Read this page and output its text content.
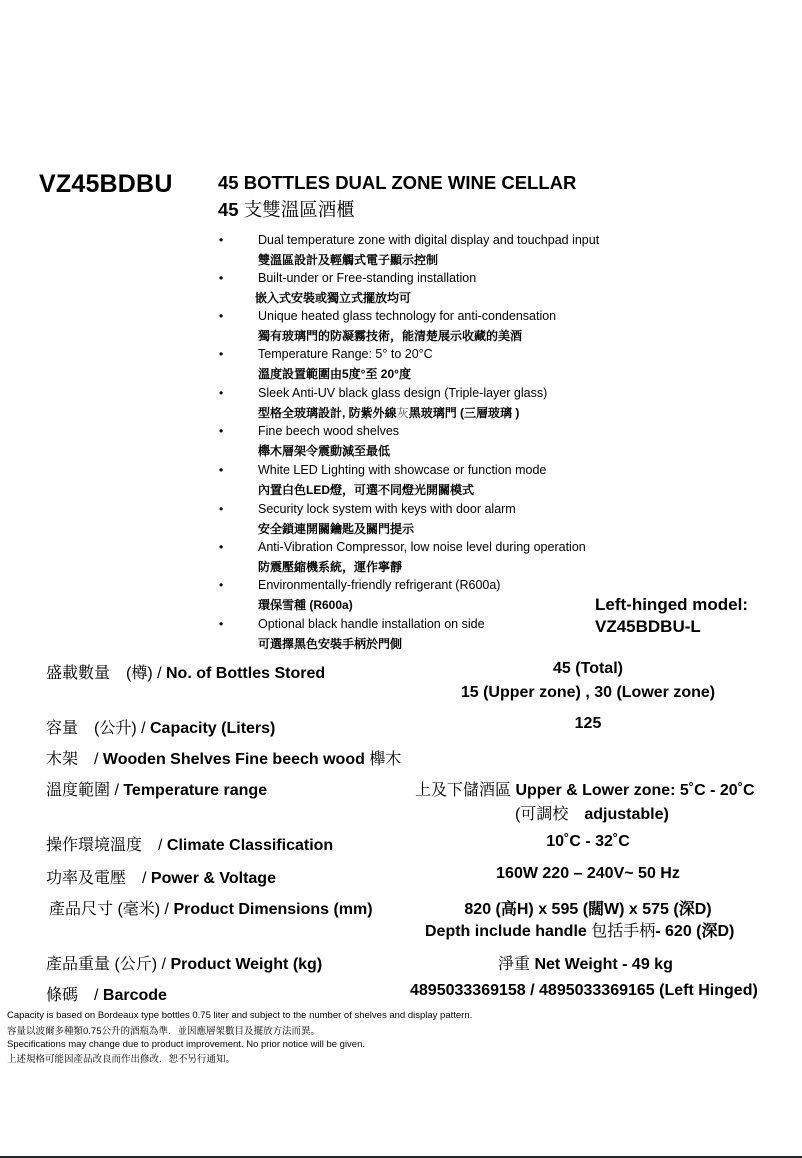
VZ45BDBU 45 BOTTLES DUAL ZONE WINE CELLAR
45 支雙溫區酒櫃
•	Dual temperature zone with digital display and touchpad input
雙溫區設計及輕觸式電子顯示控制
•	Built-under or Free-standing installation
嵌入式安裝或獨立式擺放均可
•	Unique heated glass technology for anti-condensation
獨有玻璃門的防凝霧技術，能清楚展示收藏的美酒
•	Temperature Range: 5° to 20°C
溫度設置範圍由5度°至 20°度
•	Sleek Anti-UV black glass design (Triple-layer glass)
型格全玻璃設計, 防紫外線灰黑玻璃門 (三層玻璃 )
•	Fine beech wood shelves
櫸木層架令震動減至最低
•	White LED Lighting with showcase or function mode
內置白色LED燈，可選不同燈光開關模式
•	Security lock system with keys with door alarm
安全鎖連開關鑰匙及關門提示
•	Anti-Vibration Compressor, low noise level during operation
防震壓縮機系統，運作寧靜
•	Environmentally-friendly refrigerant (R600a)
環保雪種 (R600a)
•	Optional black handle installation on side
可選擇黑色安裝手柄於門側
Left-hinged model:
VZ45BDBU-L
盛載數量　(樽) / No. of Bottles Stored	45 (Total)
15 (Upper zone) , 30 (Lower zone)
容量　(公升) / Capacity (Liters)	125
木架　/ Wooden Shelves Fine beech wood 櫸木
溫度範圍 / Temperature range	上及下儲酒區 Upper & Lower zone: 5˚C - 20˚C
(可調校　adjustable)
操作環境溫度　/ Climate Classification	10˚C - 32˚C
功率及電壓　/ Power & Voltage	160W 220 – 240V~ 50 Hz
產品尺寸 (毫米) / Product Dimensions (mm)	820 (高H) x 595 (闊W) x 575 (深D)
Depth include handle 包括手柄- 620 (深D)
產品重量 (公斤) / Product Weight (kg)	淨重 Net Weight - 49 kg
條碼　/ Barcode	4895033369158 / 4895033369165 (Left Hinged)
Capacity is based on Bordeaux type bottles 0.75 liter and subject to the number of shelves and display pattern.
容量以波爾多種類0.75公升的酒瓶為準．並因應層架數目及擺放方法而異。
Specifications may change due to product improvement. No prior notice will be given.
上述規格可能因產品改良而作出修改．恕不另行通知。
